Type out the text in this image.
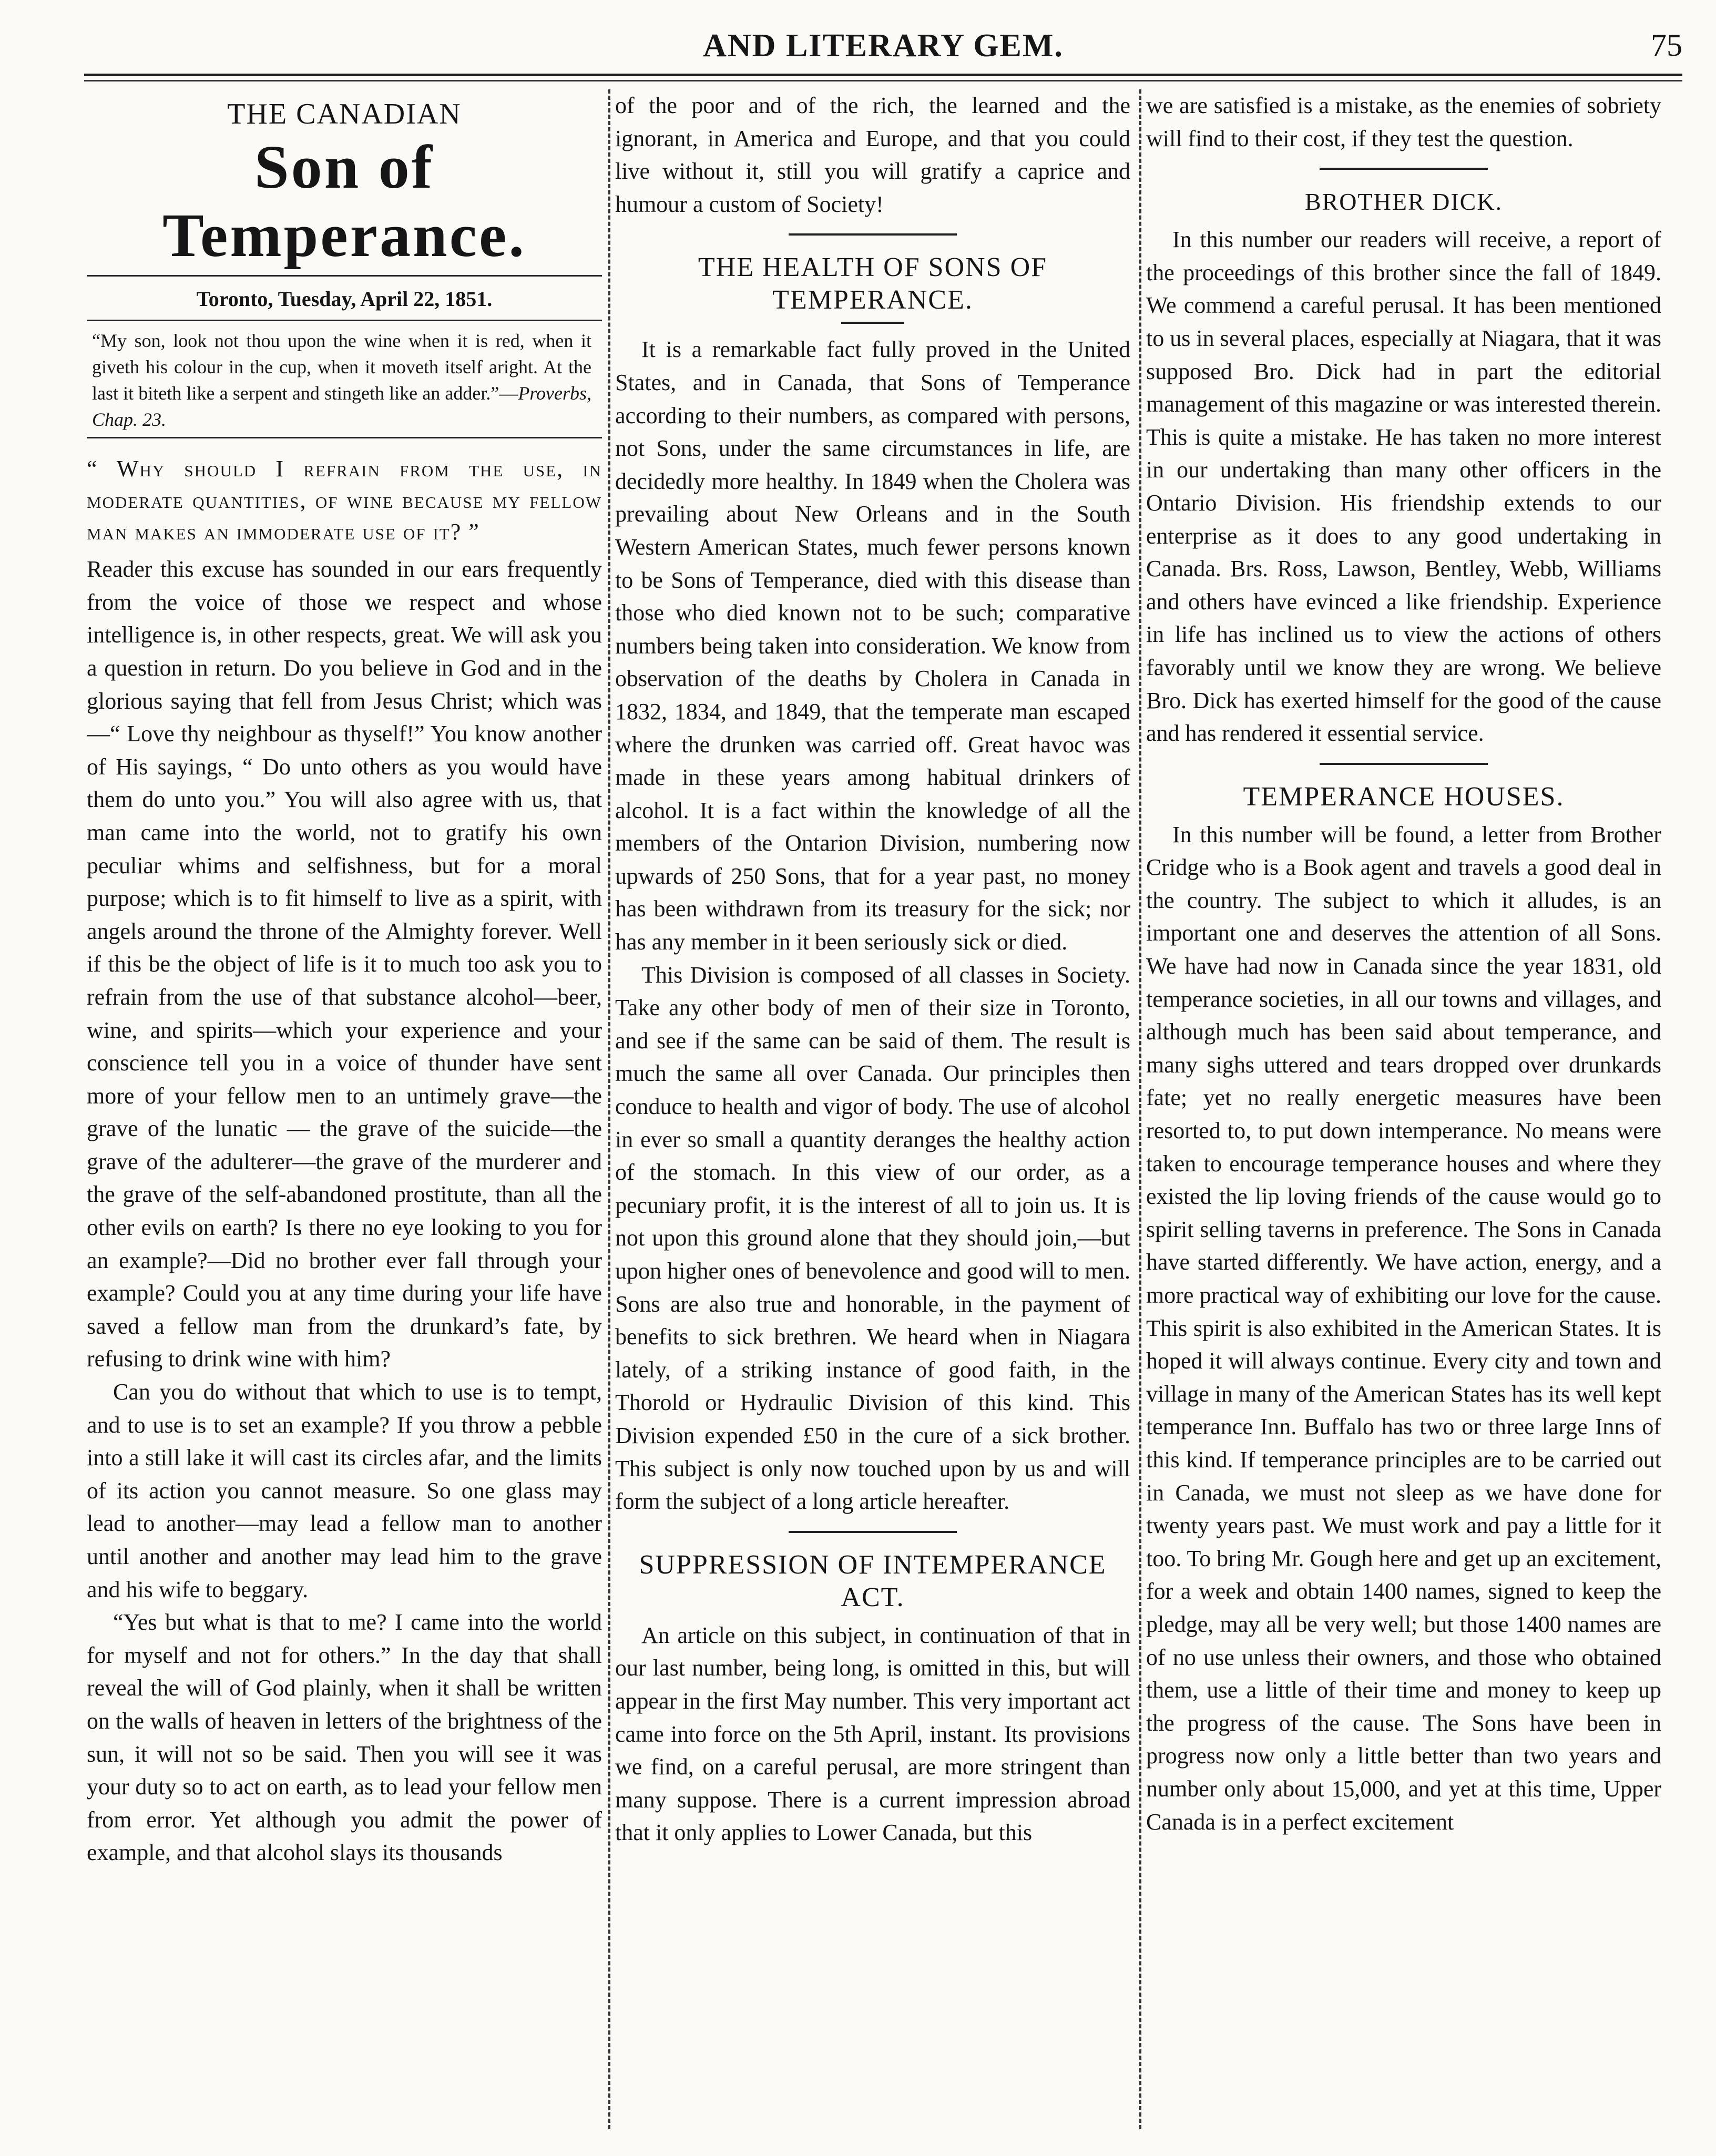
AND LITERARY GEM.	75
THE CANADIAN
Son of Temperance.
Toronto, Tuesday, April 22, 1851.
“My son, look not thou upon the wine when it is red, when it giveth his colour in the cup, when it moveth itself aright. At the last it biteth like a serpent and stingeth like an adder.”—Proverbs, Chap. 23.
“ Why should I refrain from the use, in moderate quantities, of wine because my fellow man makes an immoderate use of it? ”

Reader this excuse has sounded in our ears frequently from the voice of those we respect and whose intelligence is, in other respects, great. We will ask you a question in return. Do you believe in God and in the glorious saying that fell from Jesus Christ; which was —“ Love thy neighbour as thyself!” You know another of His sayings, “ Do unto others as you would have them do unto you.” You will also agree with us, that man came into the world, not to gratify his own peculiar whims and selfishness, but for a moral purpose; which is to fit himself to live as a spirit, with angels around the throne of the Almighty forever. Well if this be the object of life is it to much too ask you to refrain from the use of that substance alcohol—beer, wine, and spirits—which your experience and your conscience tell you in a voice of thunder have sent more of your fellow men to an untimely grave—the grave of the lunatic — the grave of the suicide—the grave of the adulterer—the grave of the murderer and the grave of the self-abandoned prostitute, than all the other evils on earth? Is there no eye looking to you for an example?—Did no brother ever fall through your example? Could you at any time during your life have saved a fellow man from the drunkard’s fate, by refusing to drink wine with him?

Can you do without that which to use is to tempt, and to use is to set an example? If you throw a pebble into a still lake it will cast its circles afar, and the limits of its action you cannot measure. So one glass may lead to another—may lead a fellow man to another until another and another may lead him to the grave and his wife to beggary.

“Yes but what is that to me? I came into the world for myself and not for others.” In the day that shall reveal the will of God plainly, when it shall be written on the walls of heaven in letters of the brightness of the sun, it will not so be said. Then you will see it was your duty so to act on earth, as to lead your fellow men from error. Yet although you admit the power of example, and that alcohol slays its thousands

of the poor and of the rich, the learned and the ignorant, in America and Europe, and that you could live without it, still you will gratify a caprice and humour a custom of Society!

THE HEALTH OF SONS OF TEMPERANCE.

It is a remarkable fact fully proved in the United States, and in Canada, that Sons of Temperance according to their numbers, as compared with persons, not Sons, under the same circumstances in life, are decidedly more healthy. In 1849 when the Cholera was prevailing about New Orleans and in the South Western American States, much fewer persons known to be Sons of Temperance, died with this disease than those who died known not to be such; comparative numbers being taken into consideration. We know from observation of the deaths by Cholera in Canada in 1832, 1834, and 1849, that the temperate man escaped where the drunken was carried off. Great havoc was made in these years among habitual drinkers of alcohol. It is a fact within the knowledge of all the members of the Ontarion Division, numbering now upwards of 250 Sons, that for a year past, no money has been withdrawn from its treasury for the sick; nor has any member in it been seriously sick or died.

This Division is composed of all classes in Society. Take any other body of men of their size in Toronto, and see if the same can be said of them. The result is much the same all over Canada. Our principles then conduce to health and vigor of body. The use of alcohol in ever so small a quantity deranges the healthy action of the stomach. In this view of our order, as a pecuniary profit, it is the interest of all to join us. It is not upon this ground alone that they should join,—but upon higher ones of benevolence and good will to men. Sons are also true and honorable, in the payment of benefits to sick brethren. We heard when in Niagara lately, of a striking instance of good faith, in the Thorold or Hydraulic Division of this kind. This Division expended £50 in the cure of a sick brother. This subject is only now touched upon by us and will form the subject of a long article hereafter.

SUPPRESSION OF INTEMPERANCE ACT.

An article on this subject, in continuation of that in our last number, being long, is omitted in this, but will appear in the first May number. This very important act came into force on the 5th April, instant. Its provisions we find, on a careful perusal, are more stringent than many suppose. There is a current impression abroad that it only applies to Lower Canada, but this

we are satisfied is a mistake, as the enemies of sobriety will find to their cost, if they test the question.

BROTHER DICK.

In this number our readers will receive, a report of the proceedings of this brother since the fall of 1849. We commend a careful perusal. It has been mentioned to us in several places, especially at Niagara, that it was supposed Bro. Dick had in part the editorial management of this magazine or was interested therein. This is quite a mistake. He has taken no more interest in our undertaking than many other officers in the Ontario Division. His friendship extends to our enterprise as it does to any good undertaking in Canada. Brs. Ross, Lawson, Bentley, Webb, Williams and others have evinced a like friendship. Experience in life has inclined us to view the actions of others favorably until we know they are wrong. We believe Bro. Dick has exerted himself for the good of the cause and has rendered it essential service.

TEMPERANCE HOUSES.

In this number will be found, a letter from Brother Cridge who is a Book agent and travels a good deal in the country. The subject to which it alludes, is an important one and deserves the attention of all Sons. We have had now in Canada since the year 1831, old temperance societies, in all our towns and villages, and although much has been said about temperance, and many sighs uttered and tears dropped over drunkards fate; yet no really energetic measures have been resorted to, to put down intemperance. No means were taken to encourage temperance houses and where they existed the lip loving friends of the cause would go to spirit selling taverns in preference. The Sons in Canada have started differently. We have action, energy, and a more practical way of exhibiting our love for the cause. This spirit is also exhibited in the American States. It is hoped it will always continue. Every city and town and village in many of the American States has its well kept temperance Inn. Buffalo has two or three large Inns of this kind. If temperance principles are to be carried out in Canada, we must not sleep as we have done for twenty years past. We must work and pay a little for it too. To bring Mr. Gough here and get up an excitement, for a week and obtain 1400 names, signed to keep the pledge, may all be very well; but those 1400 names are of no use unless their owners, and those who obtained them, use a little of their time and money to keep up the progress of the cause. The Sons have been in progress now only a little better than two years and number only about 15,000, and yet at this time, Upper Canada is in a perfect excitement
